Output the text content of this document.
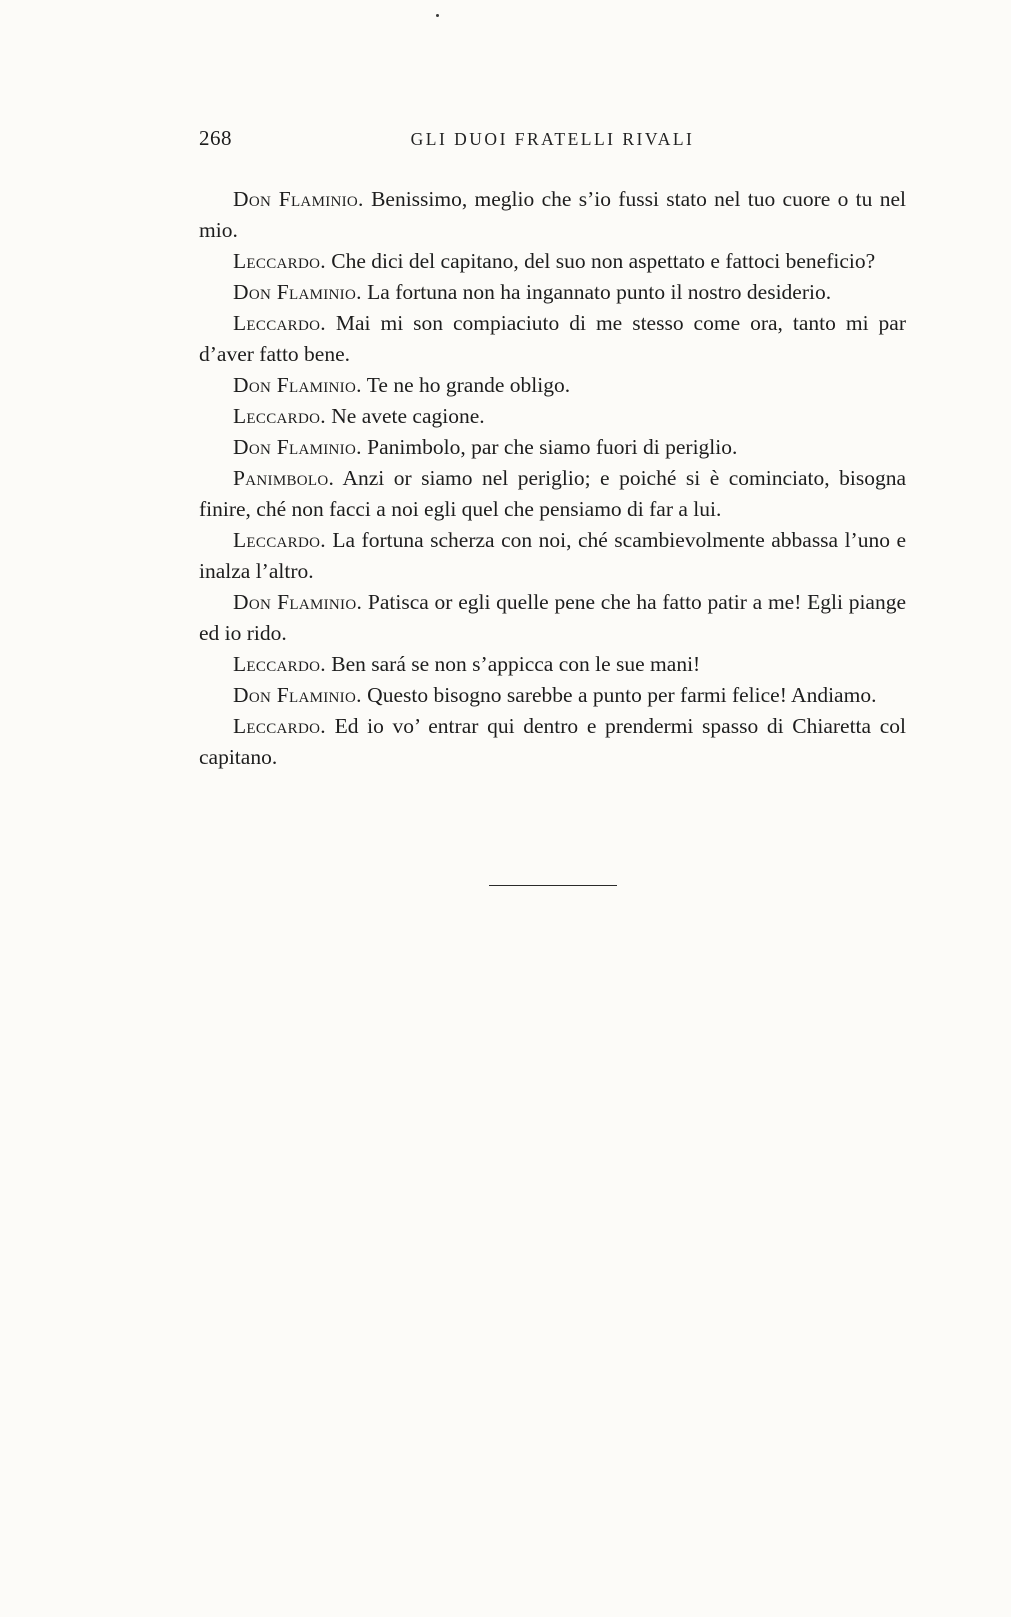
268	GLI DUOI FRATELLI RIVALI

Don Flaminio. Benissimo, meglio che s’io fussi stato nel tuo cuore o tu nel mio.

Leccardo. Che dici del capitano, del suo non aspettato e fattoci beneficio?

Don Flaminio. La fortuna non ha ingannato punto il nostro desiderio.

Leccardo. Mai mi son compiaciuto di me stesso come ora, tanto mi par d’aver fatto bene.

Don Flaminio. Te ne ho grande obligo.

Leccardo. Ne avete cagione.

Don Flaminio. Panimbolo, par che siamo fuori di periglio.

Panimbolo. Anzi or siamo nel periglio; e poiché si è cominciato, bisogna finire, ché non facci a noi egli quel che pensiamo di far a lui.

Leccardo. La fortuna scherza con noi, ché scambievolmente abbassa l’uno e inalza l’altro.

Don Flaminio. Patisca or egli quelle pene che ha fatto patir a me! Egli piange ed io rido.

Leccardo. Ben sará se non s’appicca con le sue mani!

Don Flaminio. Questo bisogno sarebbe a punto per farmi felice! Andiamo.

Leccardo. Ed io vo’ entrar qui dentro e prendermi spasso di Chiaretta col capitano.
